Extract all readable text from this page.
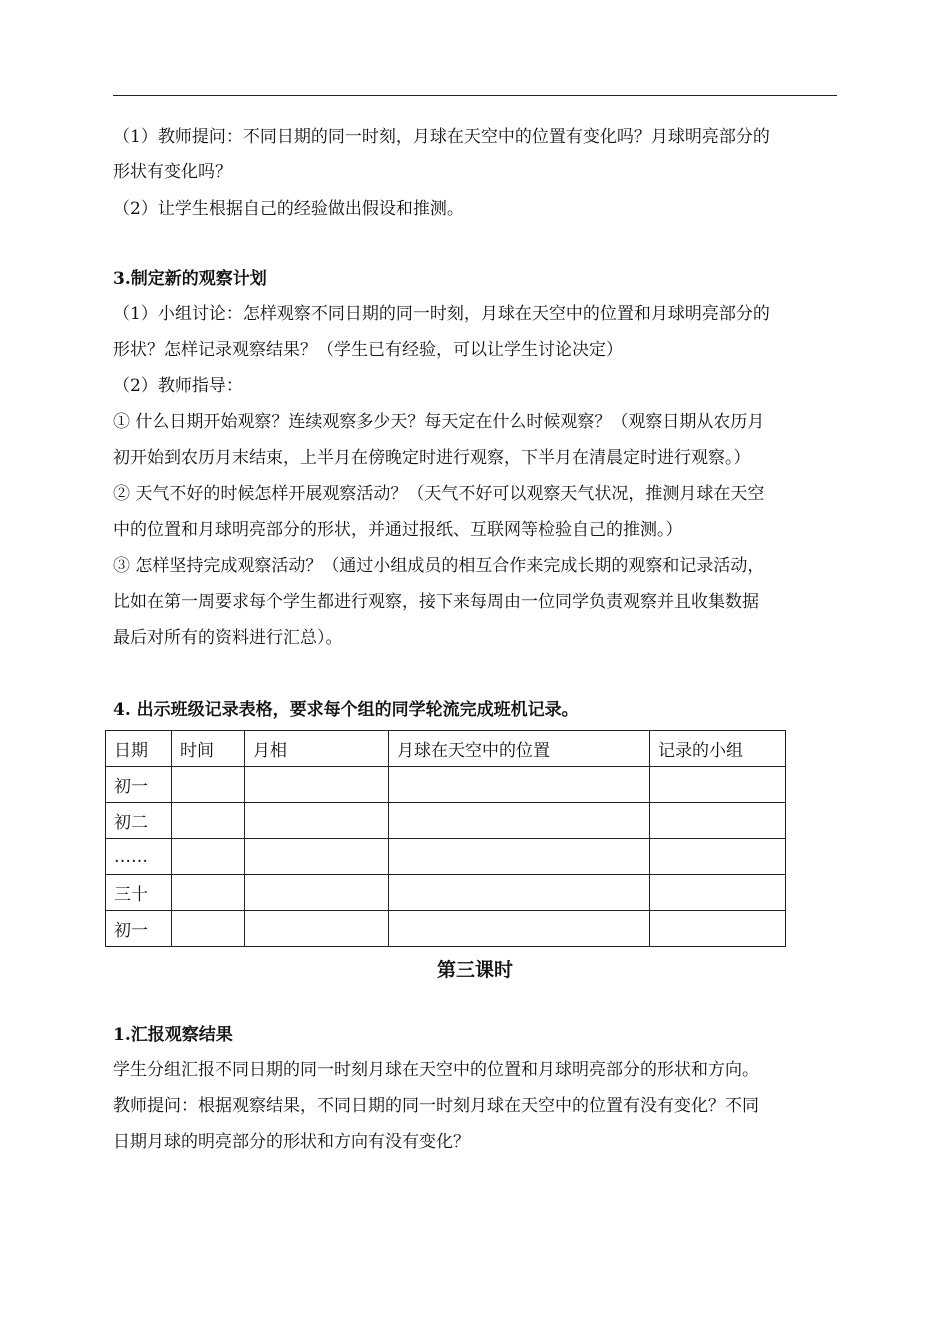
（1）教师提问：不同日期的同一时刻，月球在天空中的位置有变化吗？月球明亮部分的
形状有变化吗？
（2）让学生根据自己的经验做出假设和推测。
3.制定新的观察计划
（1）小组讨论：怎样观察不同日期的同一时刻，月球在天空中的位置和月球明亮部分的
形状？怎样记录观察结果？（学生已有经验，可以让学生讨论决定）
（2）教师指导：
① 什么日期开始观察？连续观察多少天？每天定在什么时候观察？（观察日期从农历月
初开始到农历月末结束，上半月在傍晚定时进行观察，下半月在清晨定时进行观察。）
② 天气不好的时候怎样开展观察活动？（天气不好可以观察天气状况，推测月球在天空
中的位置和月球明亮部分的形状，并通过报纸、互联网等检验自己的推测。）
③ 怎样坚持完成观察活动？（通过小组成员的相互合作来完成长期的观察和记录活动，
比如在第一周要求每个学生都进行观察，接下来每周由一位同学负责观察并且收集数据
最后对所有的资料进行汇总）。
4. 出示班级记录表格，要求每个组的同学轮流完成班机记录。
日期	时间	月相	月球在天空中的位置	记录的小组
初一				
初二				
……				
三十				
初一				
第三课时
1.汇报观察结果
学生分组汇报不同日期的同一时刻月球在天空中的位置和月球明亮部分的形状和方向。
教师提问：根据观察结果，不同日期的同一时刻月球在天空中的位置有没有变化？不同
日期月球的明亮部分的形状和方向有没有变化？
